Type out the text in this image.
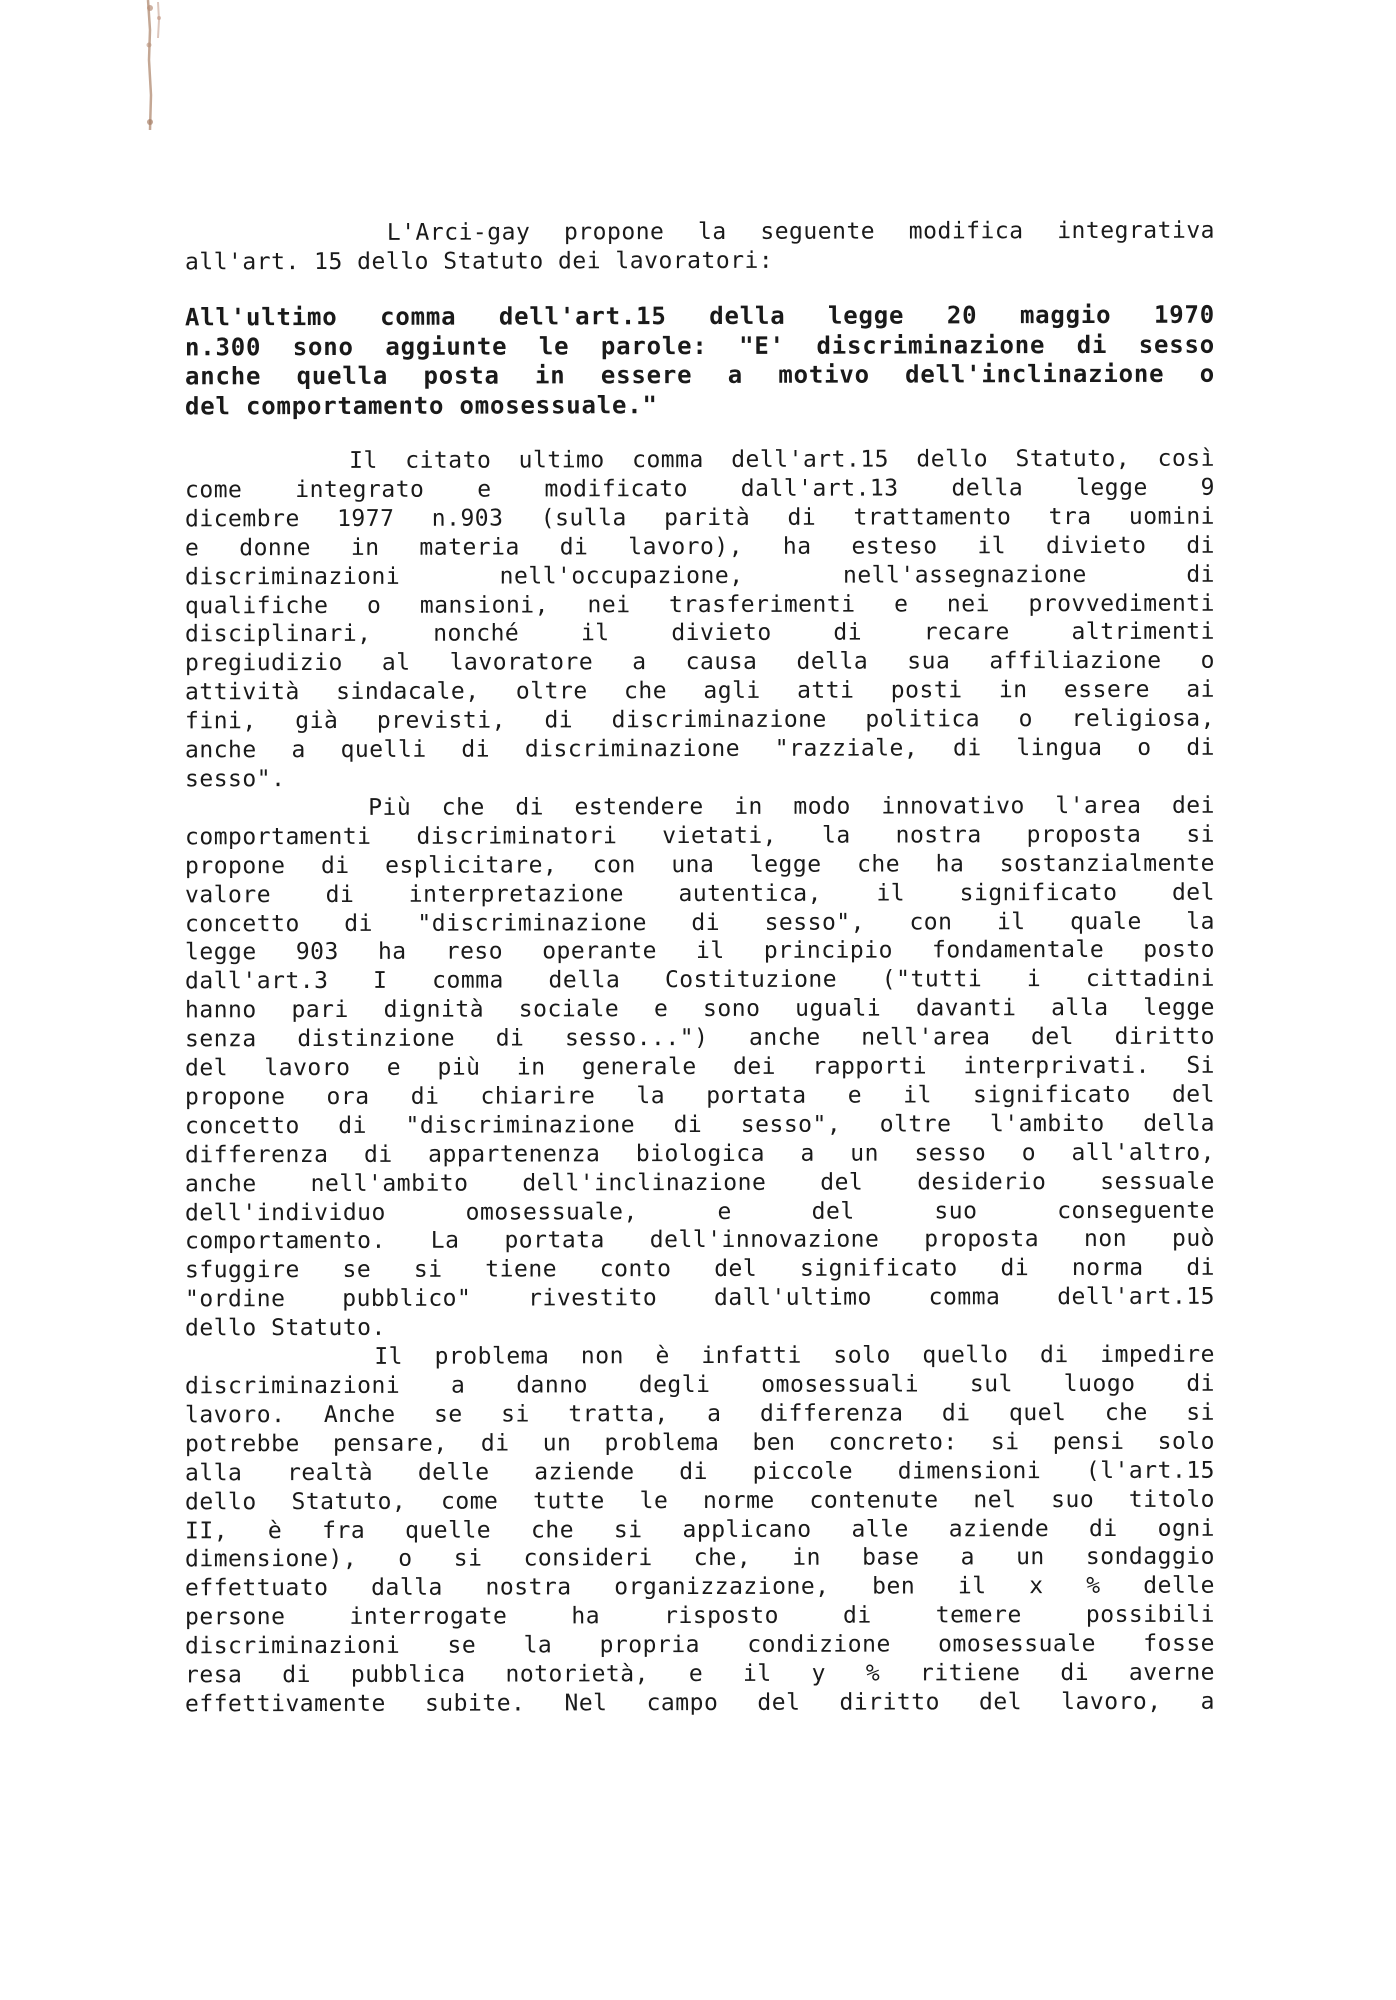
L'Arci-gay propone la seguente modifica integrativa
all'art. 15 dello Statuto dei lavoratori:
All'ultimo comma dell'art.15 della legge 20 maggio 1970
n.300 sono aggiunte le parole: "E' discriminazione di sesso
anche quella posta in essere a motivo dell'inclinazione o
del comportamento omosessuale."
Il citato ultimo comma dell'art.15 dello Statuto, così
come integrato e modificato dall'art.13 della legge 9
dicembre 1977 n.903 (sulla parità di trattamento tra uomini
e donne in materia di lavoro), ha esteso il divieto di
discriminazioni nell'occupazione, nell'assegnazione di
qualifiche o mansioni, nei trasferimenti e nei provvedimenti
disciplinari, nonché il divieto di recare altrimenti
pregiudizio al lavoratore a causa della sua affiliazione o
attività sindacale, oltre che agli atti posti in essere ai
fini, già previsti, di discriminazione politica o religiosa,
anche a quelli di discriminazione "razziale, di lingua o di
sesso".
Più che di estendere in modo innovativo l'area dei
comportamenti discriminatori vietati, la nostra proposta si
propone di esplicitare, con una legge che ha sostanzialmente
valore di interpretazione autentica, il significato del
concetto di "discriminazione di sesso", con il quale la
legge 903 ha reso operante il principio fondamentale posto
dall'art.3 I comma della Costituzione ("tutti i cittadini
hanno pari dignità sociale e sono uguali davanti alla legge
senza distinzione di sesso...") anche nell'area del diritto
del lavoro e più in generale dei rapporti interprivati. Si
propone ora di chiarire la portata e il significato del
concetto di "discriminazione di sesso", oltre l'ambito della
differenza di appartenenza biologica a un sesso o all'altro,
anche nell'ambito dell'inclinazione del desiderio sessuale
dell'individuo omosessuale, e del suo conseguente
comportamento. La portata dell'innovazione proposta non può
sfuggire se si tiene conto del significato di norma di
"ordine pubblico" rivestito dall'ultimo comma dell'art.15
dello Statuto.
Il problema non è infatti solo quello di impedire
discriminazioni a danno degli omosessuali sul luogo di
lavoro. Anche se si tratta, a differenza di quel che si
potrebbe pensare, di un problema ben concreto: si pensi solo
alla realtà delle aziende di piccole dimensioni (l'art.15
dello Statuto, come tutte le norme contenute nel suo titolo
II, è fra quelle che si applicano alle aziende di ogni
dimensione), o si consideri che, in base a un sondaggio
effettuato dalla nostra organizzazione, ben il x % delle
persone interrogate ha risposto di temere possibili
discriminazioni se la propria condizione omosessuale fosse
resa di pubblica notorietà, e il y % ritiene di averne
effettivamente subite. Nel campo del diritto del lavoro, a
